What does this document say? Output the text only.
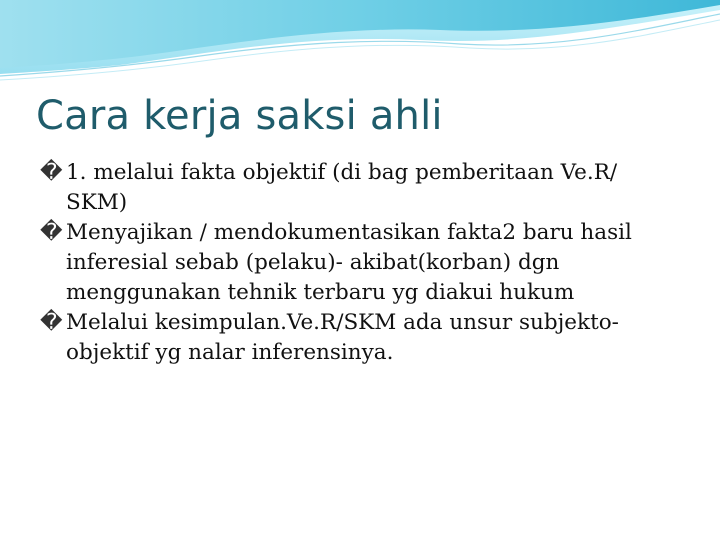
Cara kerja saksi ahli
� 1. melalui fakta objektif (di bag pemberitaan Ve.R/ SKM)
� Menyajikan / mendokumentasikan fakta2 baru hasil inferesial sebab (pelaku)- akibat(korban) dgn menggunakan tehnik terbaru yg diakui hukum
� Melalui kesimpulan.Ve.R/SKM ada unsur subjekto-objektif yg nalar inferensinya.
